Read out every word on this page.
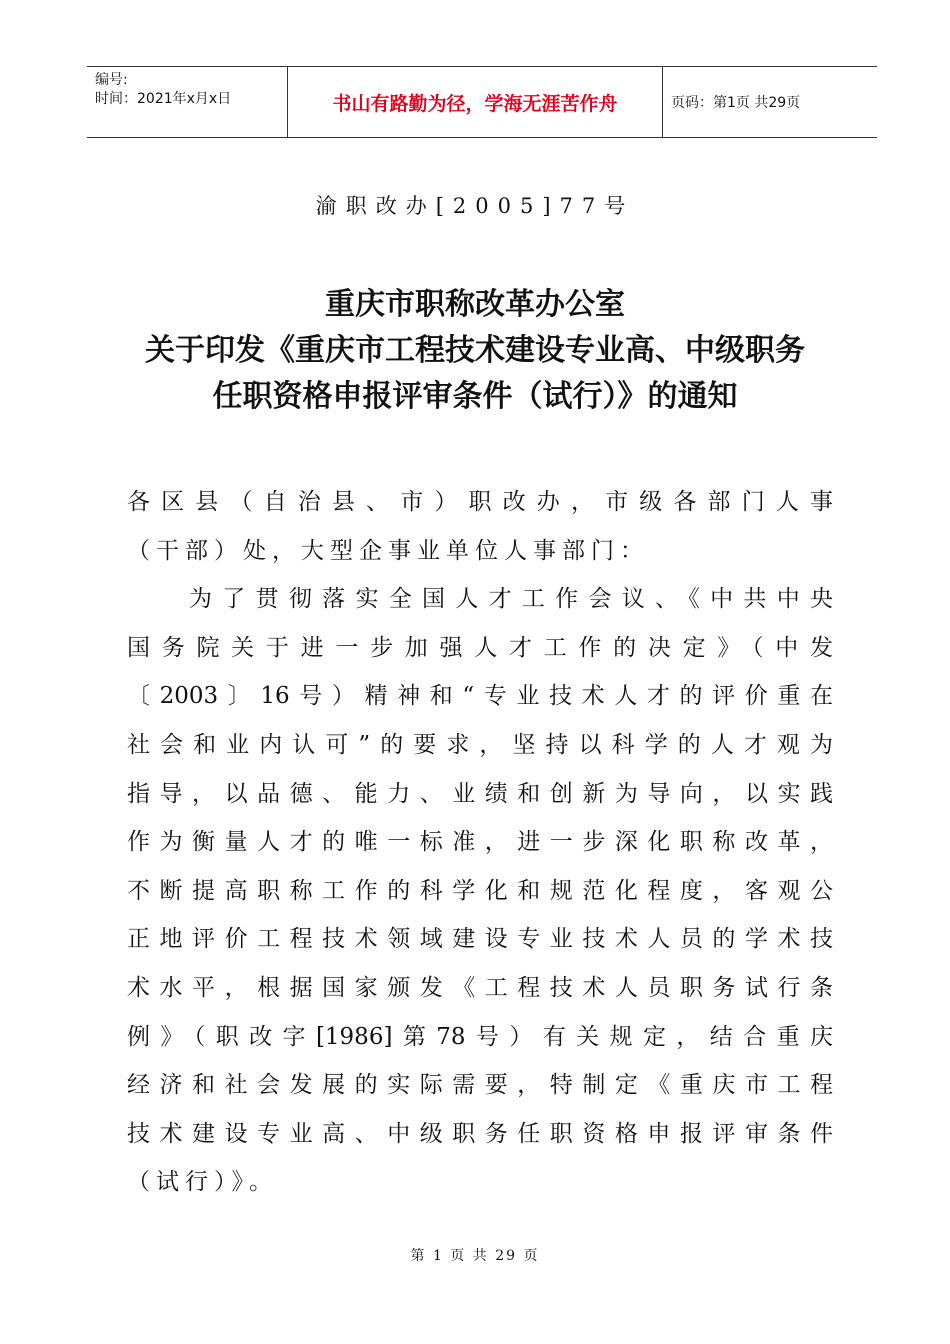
编号:
时间：2021年x月x日	书山有路勤为径，学海无涯苦作舟	页码：第1页 共29页
渝职改办[2005]77号
重庆市职称改革办公室
关于印发《重庆市工程技术建设专业高、中级职务
任职资格申报评审条件（试行）》的通知
各区县（自治县、市）职改办，市级各部门人事
（干部）处，大型企事业单位人事部门：
为了贯彻落实全国人才工作会议、《中共中央
国务院关于进一步加强人才工作的决定》（中发
〔2003〕16号）精神和“专业技术人才的评价重在
社会和业内认可”的要求，坚持以科学的人才观为
指导，以品德、能力、业绩和创新为导向，以实践
作为衡量人才的唯一标准，进一步深化职称改革，
不断提高职称工作的科学化和规范化程度，客观公
正地评价工程技术领域建设专业技术人员的学术技
术水平，根据国家颁发《工程技术人员职务试行条
例》（职改字[1986]第78号）有关规定，结合重庆
经济和社会发展的实际需要，特制定《重庆市工程
技术建设专业高、中级职务任职资格申报评审条件
（试行）》。
第 1 页 共 29 页
